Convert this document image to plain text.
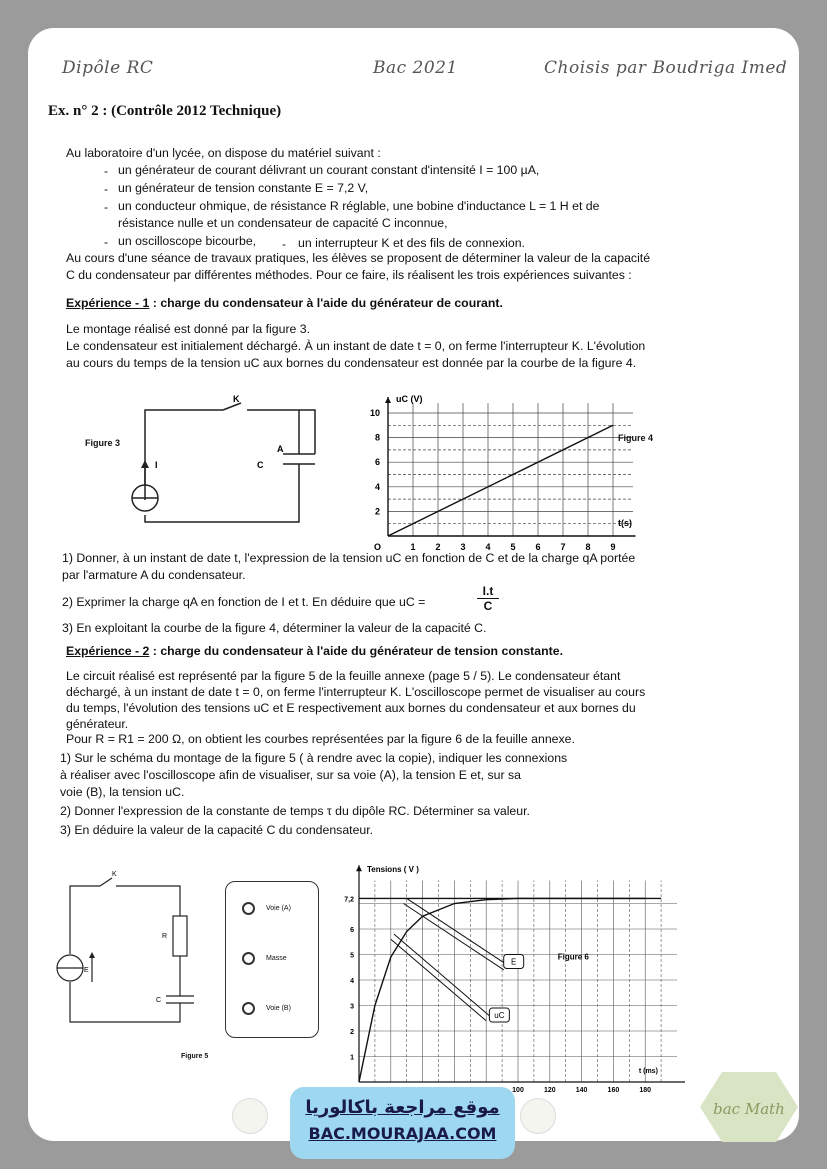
Dipôle RC	Bac 2021	Choisis par Boudriga Imed
Ex. n° 2 : (Contrôle 2012 Technique)
Au laboratoire d'un lycée, on dispose du matériel suivant :
- un générateur de courant délivrant un courant constant d'intensité I = 100 µA,
- un générateur de tension constante E = 7,2 V,
- un conducteur ohmique, de résistance R réglable, une bobine d'inductance L = 1 H et de
résistance nulle et un condensateur de capacité C inconnue,
- un oscilloscope bicourbe, - un interrupteur K et des fils de connexion.
Au cours d'une séance de travaux pratiques, les élèves se proposent de déterminer la valeur de la capacité
C du condensateur par différentes méthodes. Pour ce faire, ils réalisent les trois expériences suivantes :
Expérience - 1 : charge du condensateur à l'aide du générateur de courant.
Le montage réalisé est donné par la figure 3.
Le condensateur est initialement déchargé. À un instant de date t = 0, on ferme l'interrupteur K. L'évolution
au cours du temps de la tension uC aux bornes du condensateur est donnée par la courbe de la figure 4.
K
I	C
A
Figure 3
10
8
6
4
2
1 2 3 4 5 6 7 8 9
O
uC (V)
t(s)
Figure 4
1) Donner, à un instant de date t, l'expression de la tension uC en fonction de C et de la charge qA portée
par l'armature A du condensateur.
2) Exprimer la charge qA en fonction de I et t. En déduire que uC =	$\frac{I.t}{C}$
3) En exploitant la courbe de la figure 4, déterminer la valeur de la capacité C.
Expérience - 2 : charge du condensateur à l'aide du générateur de tension constante.
Le circuit réalisé est représenté par la figure 5 de la feuille annexe (page 5 / 5). Le condensateur étant
déchargé, à un instant de date t = 0, on ferme l'interrupteur K. L'oscilloscope permet de visualiser au cours
du temps, l'évolution des tensions uC et E respectivement aux bornes du condensateur et aux bornes du
générateur.
Pour R = R1 = 200 Ω, on obtient les courbes représentées par la figure 6 de la feuille annexe.
1) Sur le schéma du montage de la figure 5 ( à rendre avec la copie), indiquer les connexions
à réaliser avec l'oscilloscope afin de visualiser, sur sa voie (A), la tension E et, sur sa
voie (B), la tension uC.
2) Donner l'expression de la constante de temps τ du dipôle RC. Déterminer sa valeur.
3) En déduire la valeur de la capacité C du condensateur.
K
R
C
E
Figure 5
Voie (A)
Masse
Voie (B)
7,2
6
5
4
3
2
1
100	120	140	160	180
Tensions ( V )
t (ms)
Figure 6
E
uC
موقع مراجعة باكالوريا
BAC.MOURAJAA.COM
bac Math
